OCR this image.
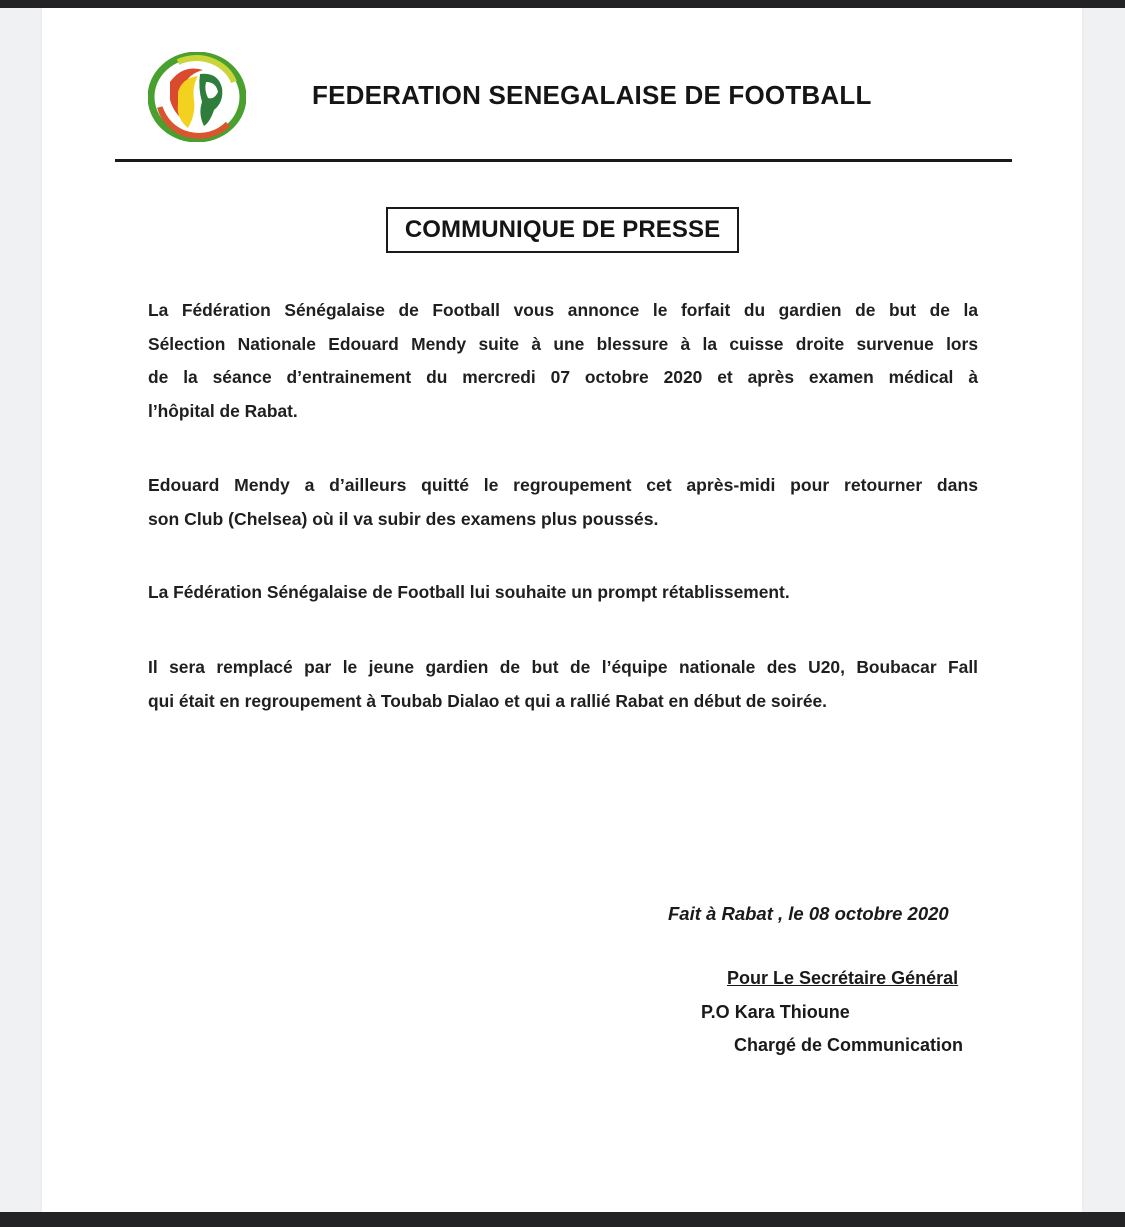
FEDERATION SENEGALAISE DE FOOTBALL
COMMUNIQUE DE PRESSE
La Fédération Sénégalaise de Football vous annonce le forfait du gardien de but de la
Sélection Nationale Edouard Mendy suite à une blessure à la cuisse droite survenue lors
de la séance d’entrainement du mercredi 07 octobre 2020 et après examen médical à
l’hôpital de Rabat.
Edouard Mendy a d’ailleurs quitté le regroupement cet après-midi pour retourner dans
son Club (Chelsea) où il va subir des examens plus poussés.
La Fédération Sénégalaise de Football lui souhaite un prompt rétablissement.
Il sera remplacé par le jeune gardien de but de l’équipe nationale des U20, Boubacar Fall
qui était en regroupement à Toubab Dialao et qui a rallié Rabat en début de soirée.
Fait à Rabat , le 08 octobre 2020
Pour Le Secrétaire Général
P.O Kara Thioune
Chargé de Communication
